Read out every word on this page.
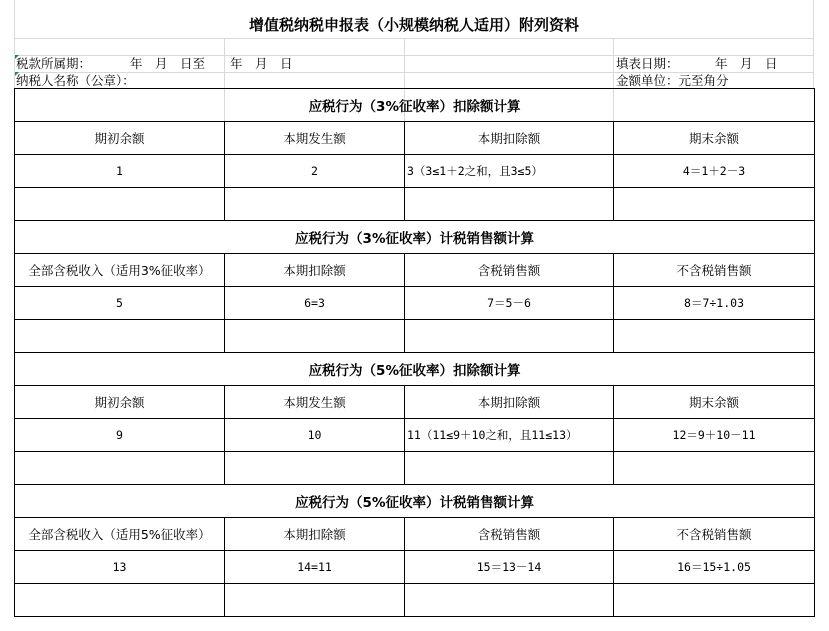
增值税纳税申报表（小规模纳税人适用）附列资料
税款所属期：	年　月　日至　　年　月　日	填表日期：	年　月　日
纳税人名称（公章）：	金额单位：元至角分
应税行为（3%征收率）扣除额计算			
期初余额	本期发生额	本期扣除额	期末余额
1	2	3（3≤1＋2之和，且3≤5）	4＝1＋2－3

应税行为（3%征收率）计税销售额计算			
全部含税收入（适用3%征收率）	本期扣除额	含税销售额	不含税销售额
5	6=3	7＝5－6	8＝7÷1.03

应税行为（5%征收率）扣除额计算			
期初余额	本期发生额	本期扣除额	期末余额
9	10	11（11≤9＋10之和，且11≤13）	12＝9＋10－11

应税行为（5%征收率）计税销售额计算			
全部含税收入（适用5%征收率）	本期扣除额	含税销售额	不含税销售额
13	14=11	15＝13－14	16＝15÷1.05
